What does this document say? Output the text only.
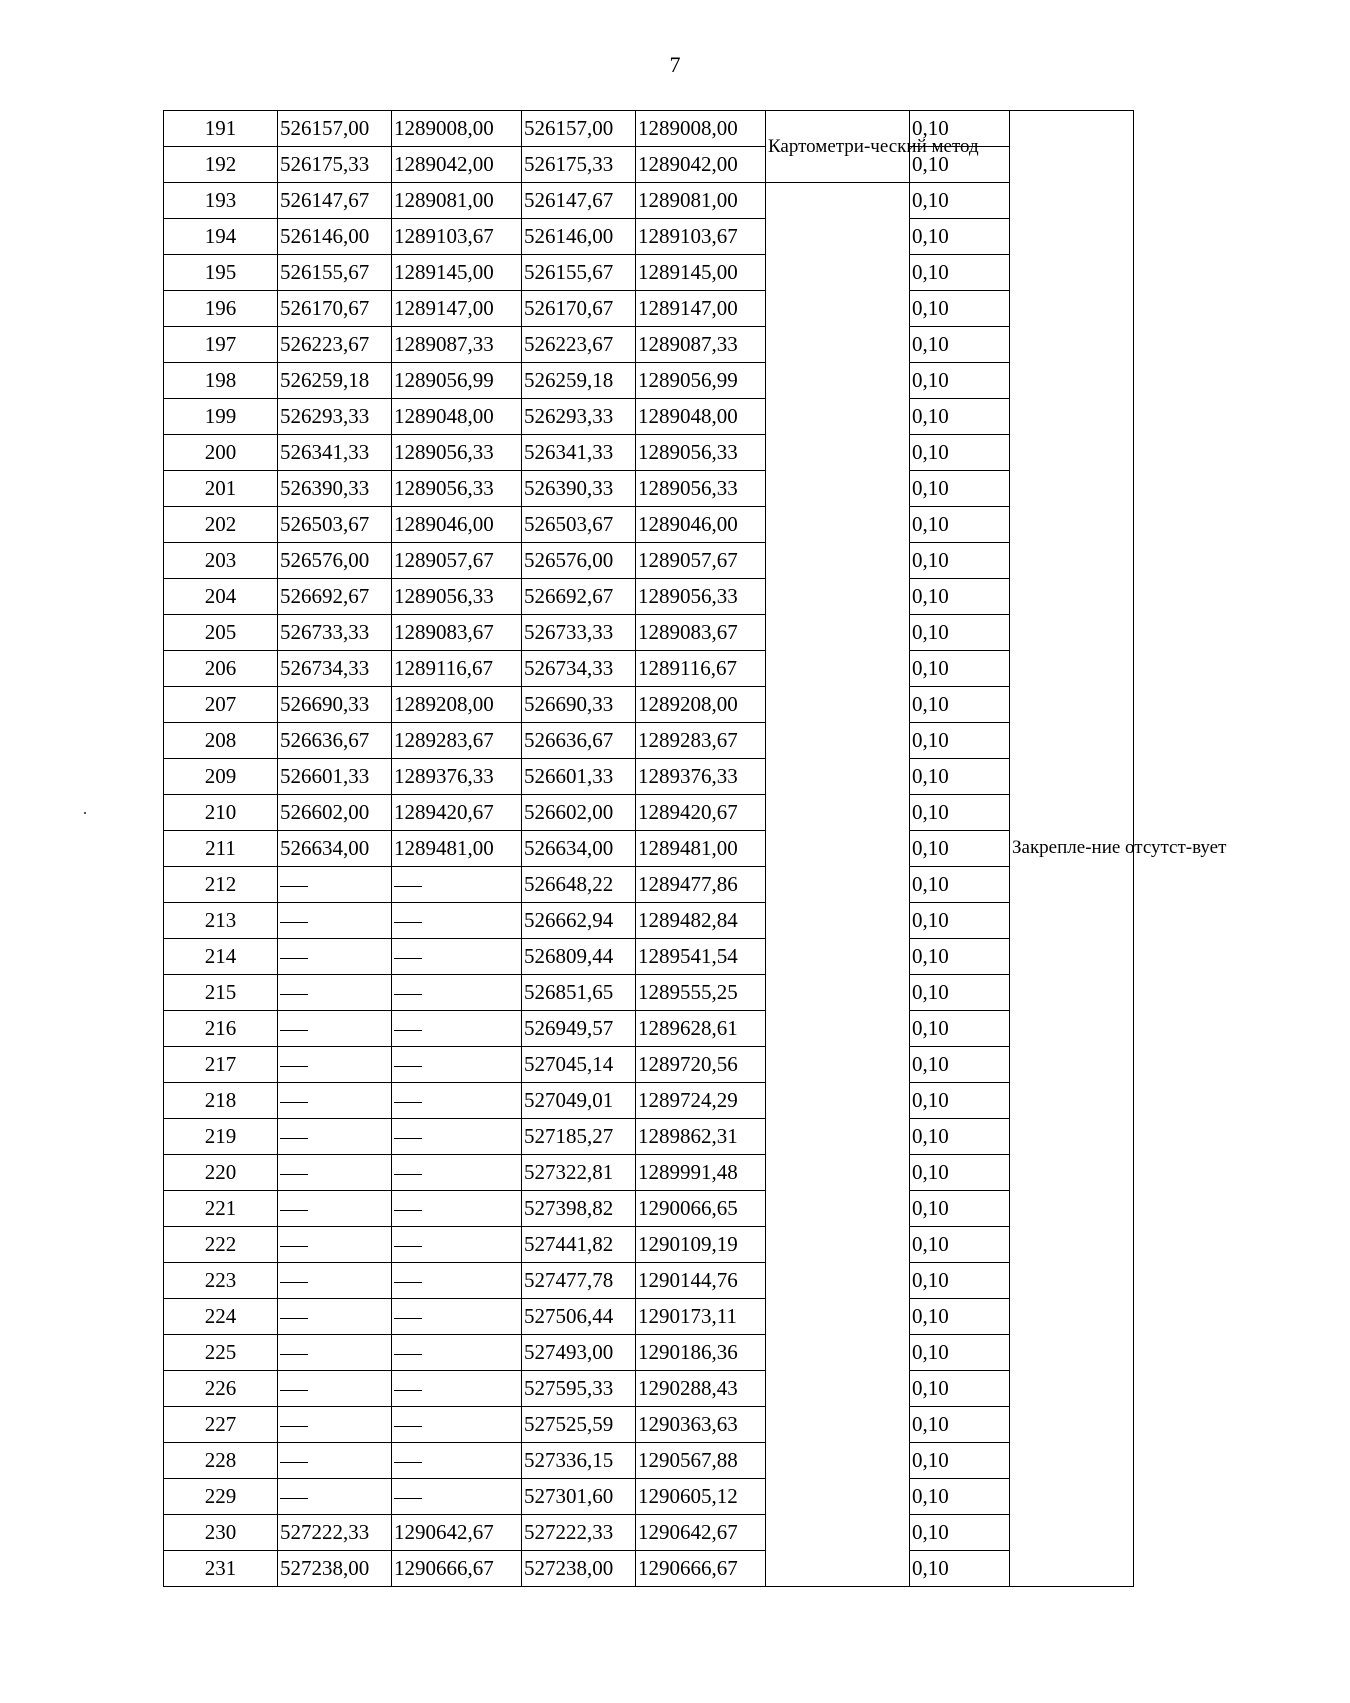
7
191	526157,00	1289008,00	526157,00	1289008,00	Картометри-ческий метод	0,10	Закрепле-ние отсутст-вует
192	526175,33	1289042,00	526175,33	1289042,00		0,10	
193	526147,67	1289081,00	526147,67	1289081,00		0,10	
194	526146,00	1289103,67	526146,00	1289103,67		0,10	
195	526155,67	1289145,00	526155,67	1289145,00		0,10	
196	526170,67	1289147,00	526170,67	1289147,00		0,10	
197	526223,67	1289087,33	526223,67	1289087,33		0,10	
198	526259,18	1289056,99	526259,18	1289056,99		0,10	
199	526293,33	1289048,00	526293,33	1289048,00		0,10	
200	526341,33	1289056,33	526341,33	1289056,33		0,10	
201	526390,33	1289056,33	526390,33	1289056,33		0,10	
202	526503,67	1289046,00	526503,67	1289046,00		0,10	
203	526576,00	1289057,67	526576,00	1289057,67		0,10	
204	526692,67	1289056,33	526692,67	1289056,33		0,10	
205	526733,33	1289083,67	526733,33	1289083,67		0,10	
206	526734,33	1289116,67	526734,33	1289116,67		0,10	
207	526690,33	1289208,00	526690,33	1289208,00		0,10	
208	526636,67	1289283,67	526636,67	1289283,67		0,10	
209	526601,33	1289376,33	526601,33	1289376,33		0,10	
210	526602,00	1289420,67	526602,00	1289420,67		0,10	
211	526634,00	1289481,00	526634,00	1289481,00		0,10	
212			526648,22	1289477,86		0,10	
213			526662,94	1289482,84		0,10	
214			526809,44	1289541,54		0,10	
215			526851,65	1289555,25		0,10	
216			526949,57	1289628,61		0,10	
217			527045,14	1289720,56		0,10	
218			527049,01	1289724,29		0,10	
219			527185,27	1289862,31		0,10	
220			527322,81	1289991,48		0,10	
221			527398,82	1290066,65		0,10	
222			527441,82	1290109,19		0,10	
223			527477,78	1290144,76		0,10	
224			527506,44	1290173,11		0,10	
225			527493,00	1290186,36		0,10	
226			527595,33	1290288,43		0,10	
227			527525,59	1290363,63		0,10	
228			527336,15	1290567,88		0,10	
229			527301,60	1290605,12		0,10	
230	527222,33	1290642,67	527222,33	1290642,67		0,10	
231	527238,00	1290666,67	527238,00	1290666,67		0,10	
